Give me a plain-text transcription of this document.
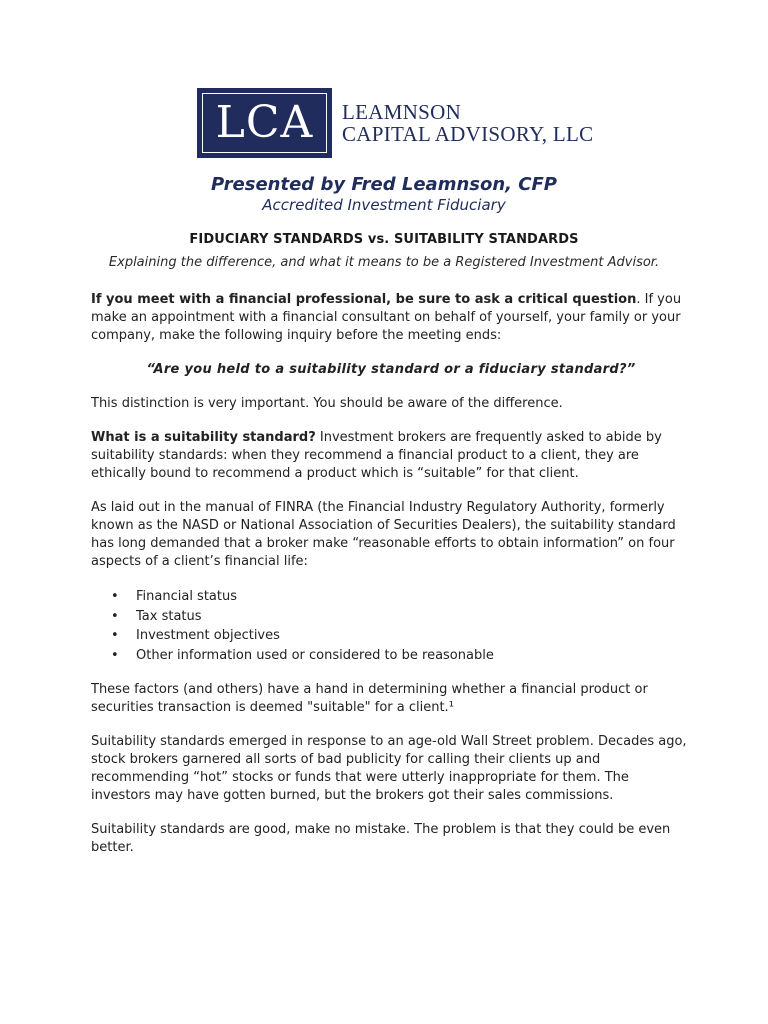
LCA LEAMNSON
CAPITAL ADVISORY, LLC
Presented by Fred Leamnson, CFP
Accredited Investment Fiduciary
FIDUCIARY STANDARDS vs. SUITABILITY STANDARDS
Explaining the difference, and what it means to be a Registered Investment Advisor.

If you meet with a financial professional, be sure to ask a critical question. If you make an appointment with a financial consultant on behalf of yourself, your family or your company, make the following inquiry before the meeting ends:

“Are you held to a suitability standard or a fiduciary standard?”

This distinction is very important. You should be aware of the difference.

What is a suitability standard? Investment brokers are frequently asked to abide by suitability standards: when they recommend a financial product to a client, they are ethically bound to recommend a product which is “suitable” for that client.

As laid out in the manual of FINRA (the Financial Industry Regulatory Authority, formerly known as the NASD or National Association of Securities Dealers), the suitability standard has long demanded that a broker make “reasonable efforts to obtain information” on four aspects of a client’s financial life:

• Financial status
• Tax status
• Investment objectives
• Other information used or considered to be reasonable

These factors (and others) have a hand in determining whether a financial product or securities transaction is deemed "suitable" for a client.¹

Suitability standards emerged in response to an age-old Wall Street problem. Decades ago, stock brokers garnered all sorts of bad publicity for calling their clients up and recommending “hot” stocks or funds that were utterly inappropriate for them. The investors may have gotten burned, but the brokers got their sales commissions.

Suitability standards are good, make no mistake. The problem is that they could be even better.
